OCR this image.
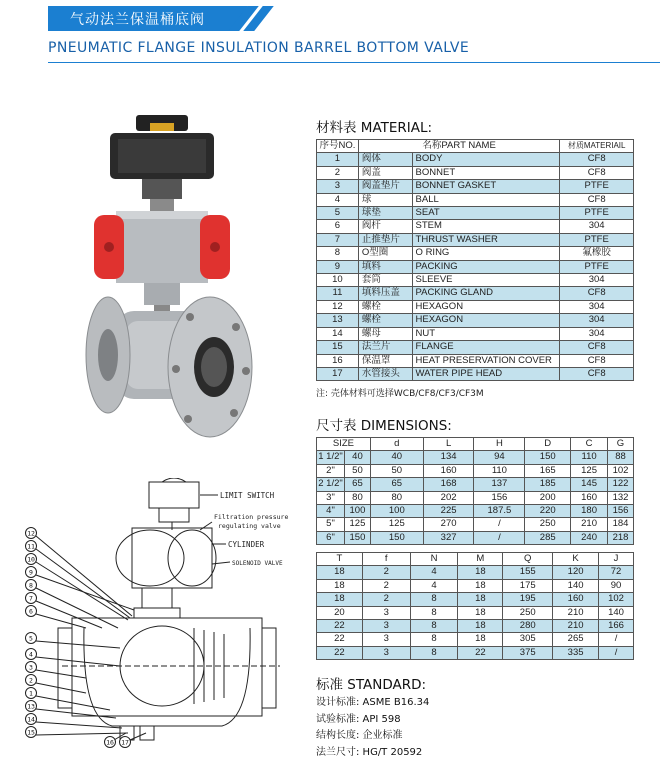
气动法兰保温桶底阀
PNEUMATIC FLANGE INSULATION BARREL BOTTOM VALVE
LIMIT SWITCH
Filtration pressure
regulating valve
CYLINDER
SOLENOID VALVE
12
11
10
9
8
7
6
5
4
3
2
1
13
14
15
16 17
材料表 MATERIAL:
序号NO.	名称PART NAME		材质MATERIAIL
1	阀体	BODY	CF8
2	阀盖	BONNET	CF8
3	阀盖垫片	BONNET GASKET	PTFE
4	球	BALL	CF8
5	球垫	SEAT	PTFE
6	阀杆	STEM	304
7	止推垫片	THRUST WASHER	PTFE
8	O型圈	O RING	氟橡胶
9	填料	PACKING	PTFE
10	套筒	SLEEVE	304
11	填料压盖	PACKING GLAND	CF8
12	螺栓	HEXAGON	304
13	螺栓	HEXAGON	304
14	螺母	NUT	304
15	法兰片	FLANGE	CF8
16	保温罩	HEAT PRESERVATION COVER	CF8
17	水管接头	WATER PIPE HEAD	CF8
注: 壳体材料可选择WCB/CF8/CF3/CF3M
尺寸表 DIMENSIONS:
SIZE		d	L	H	D	C	G
1 1/2"	40	40	134	94	150	110	88
2"	50	50	160	110	165	125	102
2 1/2"	65	65	168	137	185	145	122
3"	80	80	202	156	200	160	132
4"	100	100	225	187.5	220	180	156
5"	125	125	270	/	250	210	184
6"	150	150	327	/	285	240	218
T	f	N	M	Q	K	J
18	2	4	18	155	120	72
18	2	4	18	175	140	90
18	2	8	18	195	160	102
20	3	8	18	250	210	140
22	3	8	18	280	210	166
22	3	8	18	305	265	/
22	3	8	22	375	335	/
标准 STANDARD:
设计标准: ASME B16.34
试验标准: API 598
结构长度: 企业标准
法兰尺寸: HG/T 20592
